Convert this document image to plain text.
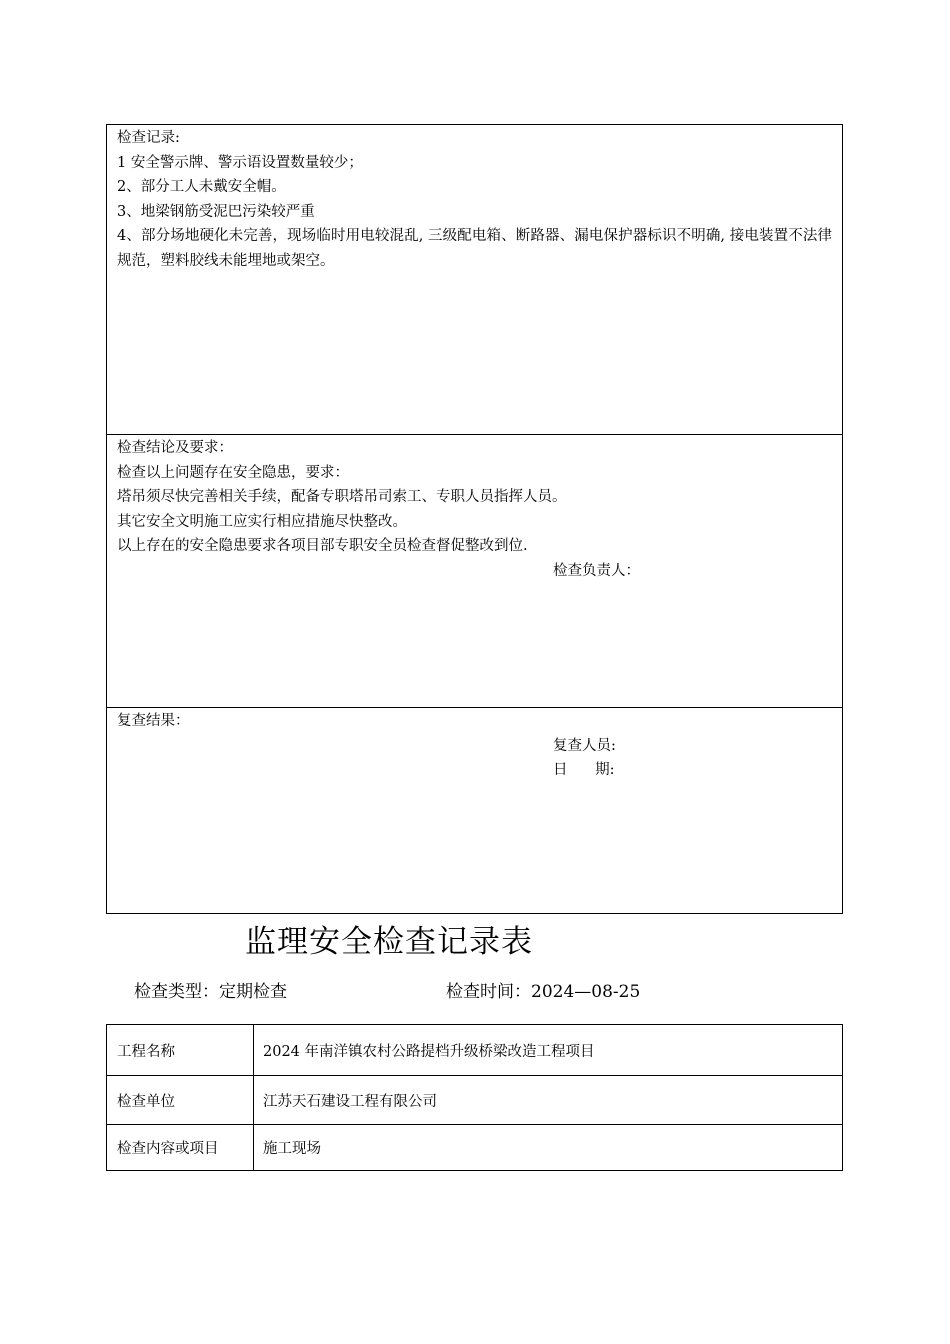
检查记录:
1 安全警示牌、警示语设置数量较少；
2、部分工人未戴安全帽。
3、地梁钢筋受泥巴污染较严重
4、部分场地硬化未完善，现场临时用电较混乱, 三级配电箱、断路器、漏电保护器标识不明确, 接电装置不法律规范，塑料胶线未能埋地或架空。
检查结论及要求：
检查以上问题存在安全隐患，要求：
塔吊须尽快完善相关手续，配备专职塔吊司索工、专职人员指挥人员。
其它安全文明施工应实行相应措施尽快整改。
以上存在的安全隐患要求各项目部专职安全员检查督促整改到位.
检查负责人：
复查结果：
复查人员:
日      期:
监理安全检查记录表
检查类型：定期检查	检查时间：2024—08-25
工程名称	2024 年南洋镇农村公路提档升级桥梁改造工程项目
检查单位	江苏天石建设工程有限公司
检查内容或项目	施工现场
